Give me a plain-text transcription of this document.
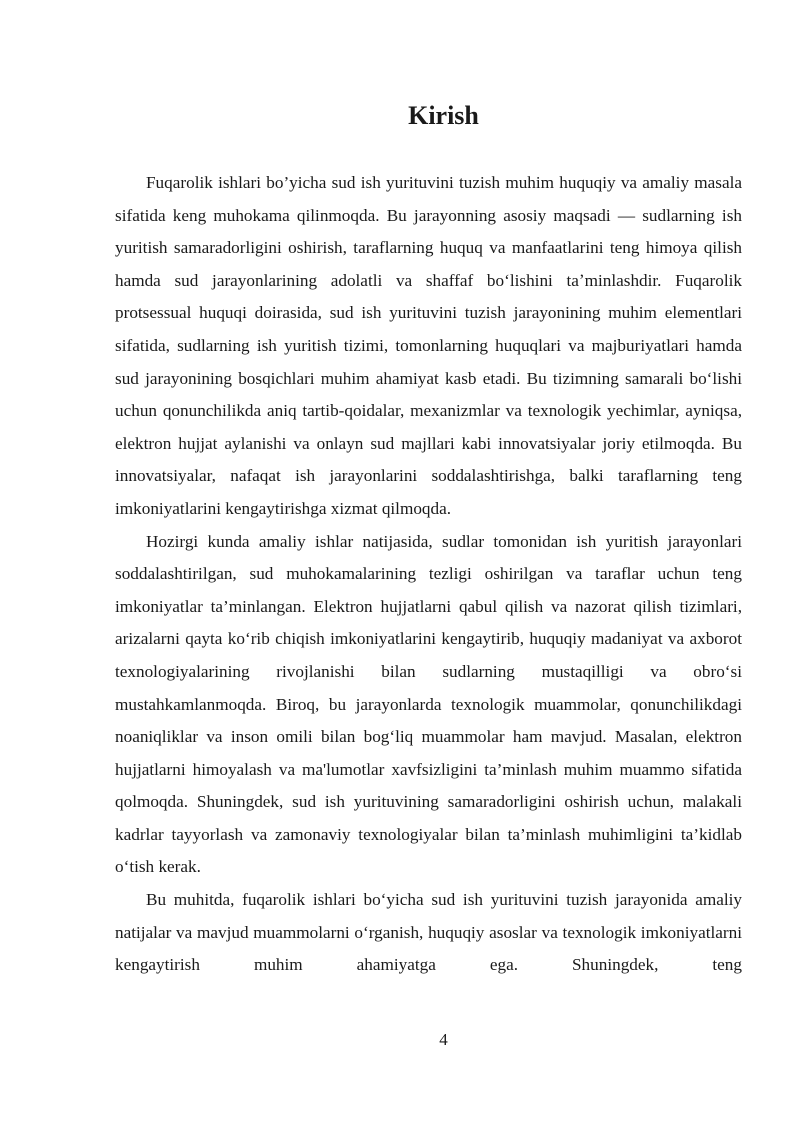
Kirish

Fuqarolik ishlari bo’yicha sud ish yurituvini tuzish muhim huquqiy va amaliy masala sifatida keng muhokama qilinmoqda. Bu jarayonning asosiy maqsadi — sudlarning ish yuritish samaradorligini oshirish, taraflarning huquq va manfaatlarini teng himoya qilish hamda sud jarayonlarining adolatli va shaffaf boʻlishini taʼminlashdir. Fuqarolik protsessual huquqi doirasida, sud ish yurituvini tuzish jarayonining muhim elementlari sifatida, sudlarning ish yuritish tizimi, tomonlarning huquqlari va majburiyatlari hamda sud jarayonining bosqichlari muhim ahamiyat kasb etadi. Bu tizimning samarali boʻlishi uchun qonunchilikda aniq tartib-qoidalar, mexanizmlar va texnologik yechimlar, ayniqsa, elektron hujjat aylanishi va onlayn sud majllari kabi innovatsiyalar joriy etilmoqda. Bu innovatsiyalar, nafaqat ish jarayonlarini soddalashtirishga, balki taraflarning teng imkoniyatlarini kengaytirishga xizmat qilmoqda.

Hozirgi kunda amaliy ishlar natijasida, sudlar tomonidan ish yuritish jarayonlari soddalashtirilgan, sud muhokamalarining tezligi oshirilgan va taraflar uchun teng imkoniyatlar ta’minlangan. Elektron hujjatlarni qabul qilish va nazorat qilish tizimlari, arizalarni qayta koʻrib chiqish imkoniyatlarini kengaytirib, huquqiy madaniyat va axborot texnologiyalarining rivojlanishi bilan sudlarning mustaqilligi va obroʻsi mustahkamlanmoqda. Biroq, bu jarayonlarda texnologik muammolar, qonunchilikdagi noaniqliklar va inson omili bilan bogʻliq muammolar ham mavjud. Masalan, elektron hujjatlarni himoyalash va ma'lumotlar xavfsizligini ta’minlash muhim muammo sifatida qolmoqda. Shuningdek, sud ish yurituvining samaradorligini oshirish uchun, malakali kadrlar tayyorlash va zamonaviy texnologiyalar bilan ta’minlash muhimligini ta’kidlab oʻtish kerak.

Bu muhitda, fuqarolik ishlari boʻyicha sud ish yurituvini tuzish jarayonida amaliy natijalar va mavjud muammolarni oʻrganish, huquqiy asoslar va texnologik imkoniyatlarni kengaytirish muhim ahamiyatga ega. Shuningdek, teng

4
